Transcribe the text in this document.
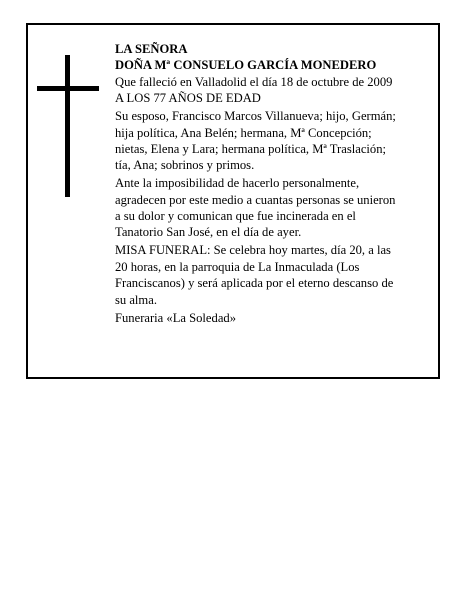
LA SEÑORA

DOÑA Mª CONSUELO GARCÍA MONEDERO

Que falleció en Valladolid el día 18 de octubre de 2009

A LOS 77 AÑOS DE EDAD

Su esposo, Francisco Marcos Villanueva; hijo, Germán;

hija política, Ana Belén; hermana, Mª Concepción;

nietas, Elena y Lara; hermana política, Mª Traslación;

tía, Ana; sobrinos y primos.

Ante la imposibilidad de hacerlo personalmente,

agradecen por este medio a cuantas personas se unieron

a su dolor y comunican que fue incinerada en el

Tanatorio San José, en el día de ayer.

MISA FUNERAL: Se celebra hoy martes, día 20, a las

20 horas, en la parroquia de La Inmaculada (Los

Franciscanos) y será aplicada por el eterno descanso de

su alma.

Funeraria «La Soledad»
